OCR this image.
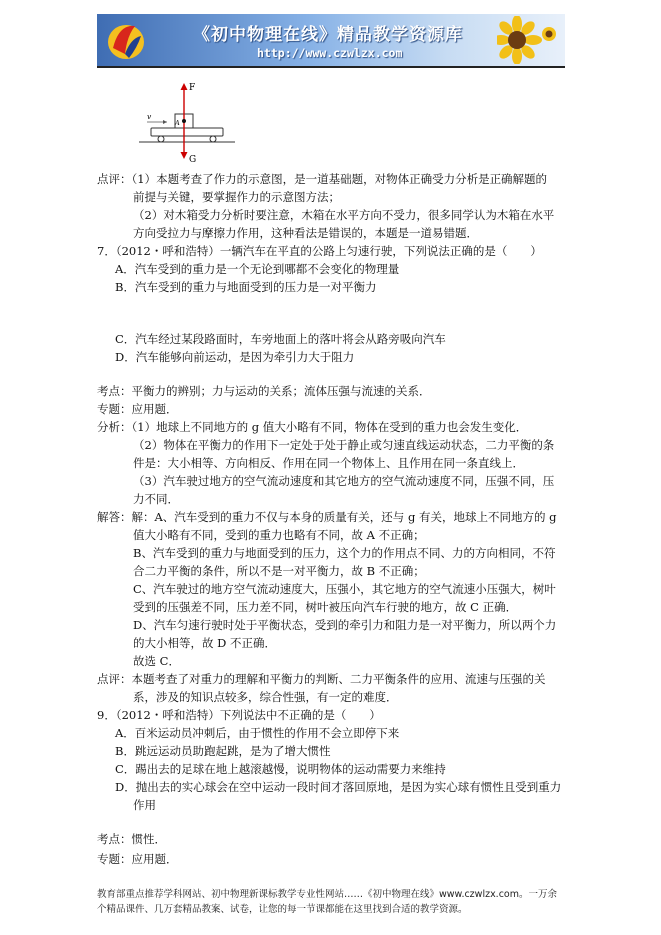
《初中物理在线》精品教学资源库
http://www.czwlzx.com
F
G
v
A
点评：（1）本题考查了作力的示意图，是一道基础题，对物体正确受力分析是正确解题的
前提与关键，要掌握作力的示意图方法；
（2）对木箱受力分析时要注意，木箱在水平方向不受力，很多同学认为木箱在水平
方向受拉力与摩擦力作用，这种看法是错误的，本题是一道易错题．
7．（2012・呼和浩特）一辆汽车在平直的公路上匀速行驶，下列说法正确的是（　　）
A．汽车受到的重力是一个无论到哪都不会变化的物理量
B．汽车受到的重力与地面受到的压力是一对平衡力
C．汽车经过某段路面时，车旁地面上的落叶将会从路旁吸向汽车
D．汽车能够向前运动，是因为牵引力大于阻力
考点：平衡力的辨别；力与运动的关系；流体压强与流速的关系．
专题：应用题．
分析：（1）地球上不同地方的 g 值大小略有不同，物体在受到的重力也会发生变化．
（2）物体在平衡力的作用下一定处于处于静止或匀速直线运动状态，二力平衡的条
件是：大小相等、方向相反、作用在同一个物体上、且作用在同一条直线上．
（3）汽车驶过地方的空气流动速度和其它地方的空气流动速度不同，压强不同，压
力不同．
解答：解：A、汽车受到的重力不仅与本身的质量有关，还与 g 有关，地球上不同地方的 g
值大小略有不同，受到的重力也略有不同，故 A 不正确；
B、汽车受到的重力与地面受到的压力，这个力的作用点不同、力的方向相同，不符
合二力平衡的条件，所以不是一对平衡力，故 B 不正确；
C、汽车驶过的地方空气流动速度大，压强小，其它地方的空气流速小压强大，树叶
受到的压强差不同，压力差不同，树叶被压向汽车行驶的地方，故 C 正确．
D、汽车匀速行驶时处于平衡状态，受到的牵引力和阻力是一对平衡力，所以两个力
的大小相等，故 D 不正确．
故选 C．
点评：本题考查了对重力的理解和平衡力的判断、二力平衡条件的应用、流速与压强的关
系，涉及的知识点较多，综合性强，有一定的难度．
9．（2012・呼和浩特）下列说法中不正确的是（　　）
A．百米运动员冲刺后，由于惯性的作用不会立即停下来
B．跳远运动员助跑起跳，是为了增大惯性
C．踢出去的足球在地上越滚越慢，说明物体的运动需要力来维持
D．抛出去的实心球会在空中运动一段时间才落回原地，是因为实心球有惯性且受到重力
作用
考点：惯性．
专题：应用题．
教育部重点推荐学科网站、初中物理新课标教学专业性网站……《初中物理在线》www.czwlzx.com。一万余
个精品课件、几万套精品教案、试卷，让您的每一节课都能在这里找到合适的教学资源。
